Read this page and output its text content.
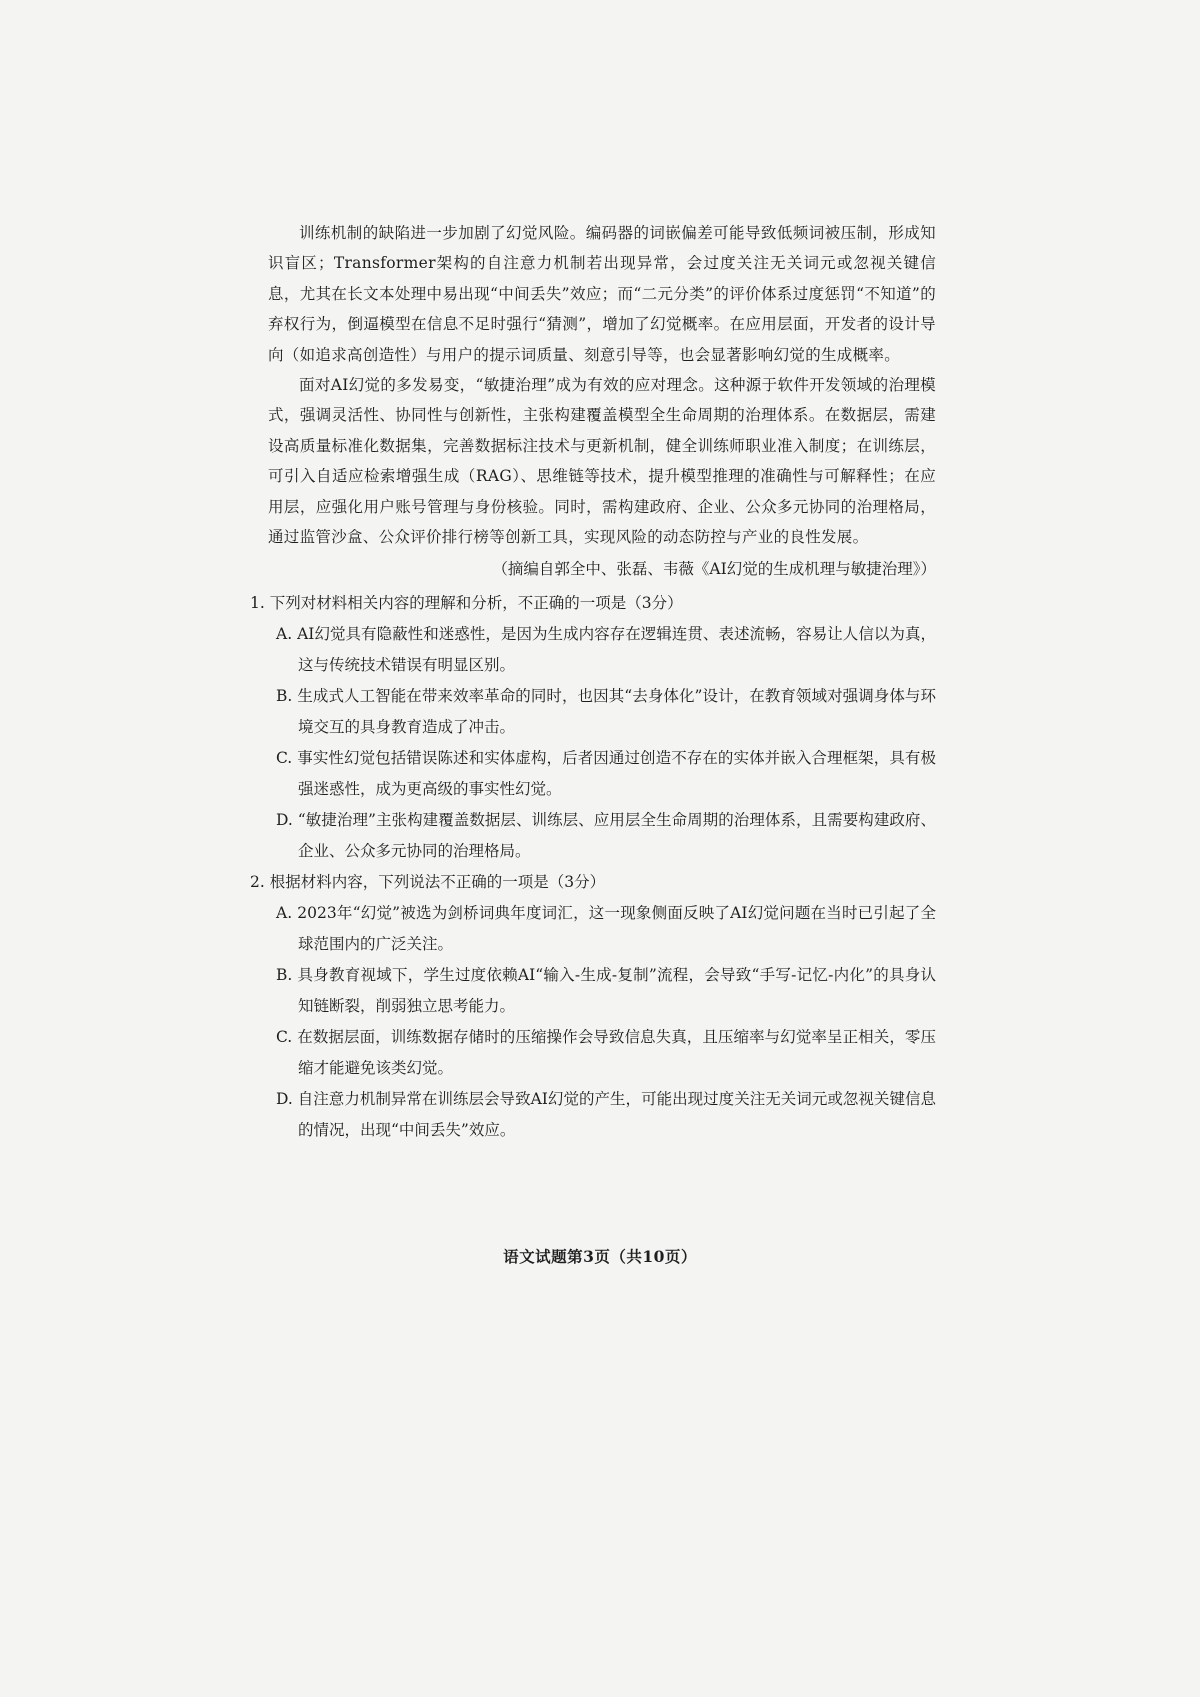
训练机制的缺陷进一步加剧了幻觉风险。编码器的词嵌偏差可能导致低频词被压制，形成知识盲区；Transformer架构的自注意力机制若出现异常，会过度关注无关词元或忽视关键信息，尤其在长文本处理中易出现“中间丢失”效应；而“二元分类”的评价体系过度惩罚“不知道”的弃权行为，倒逼模型在信息不足时强行“猜测”，增加了幻觉概率。在应用层面，开发者的设计导向（如追求高创造性）与用户的提示词质量、刻意引导等，也会显著影响幻觉的生成概率。

面对AI幻觉的多发易变，“敏捷治理”成为有效的应对理念。这种源于软件开发领域的治理模式，强调灵活性、协同性与创新性，主张构建覆盖模型全生命周期的治理体系。在数据层，需建设高质量标准化数据集，完善数据标注技术与更新机制，健全训练师职业准入制度；在训练层，可引入自适应检索增强生成（RAG）、思维链等技术，提升模型推理的准确性与可解释性；在应用层，应强化用户账号管理与身份核验。同时，需构建政府、企业、公众多元协同的治理格局，通过监管沙盒、公众评价排行榜等创新工具，实现风险的动态防控与产业的良性发展。

（摘编自郭全中、张磊、韦薇《AI幻觉的生成机理与敏捷治理》）

1. 下列对材料相关内容的理解和分析，不正确的一项是（3分）

A. AI幻觉具有隐蔽性和迷惑性，是因为生成内容存在逻辑连贯、表述流畅，容易让人信以为真，这与传统技术错误有明显区别。

B. 生成式人工智能在带来效率革命的同时，也因其“去身体化”设计，在教育领域对强调身体与环境交互的具身教育造成了冲击。

C. 事实性幻觉包括错误陈述和实体虚构，后者因通过创造不存在的实体并嵌入合理框架，具有极强迷惑性，成为更高级的事实性幻觉。

D. “敏捷治理”主张构建覆盖数据层、训练层、应用层全生命周期的治理体系，且需要构建政府、企业、公众多元协同的治理格局。

2. 根据材料内容，下列说法不正确的一项是（3分）

A. 2023年“幻觉”被选为剑桥词典年度词汇，这一现象侧面反映了AI幻觉问题在当时已引起了全球范围内的广泛关注。

B. 具身教育视域下，学生过度依赖AI“输入-生成-复制”流程，会导致“手写-记忆-内化”的具身认知链断裂，削弱独立思考能力。

C. 在数据层面，训练数据存储时的压缩操作会导致信息失真，且压缩率与幻觉率呈正相关，零压缩才能避免该类幻觉。

D. 自注意力机制异常在训练层会导致AI幻觉的产生，可能出现过度关注无关词元或忽视关键信息的情况，出现“中间丢失”效应。

语文试题第3页（共10页）
